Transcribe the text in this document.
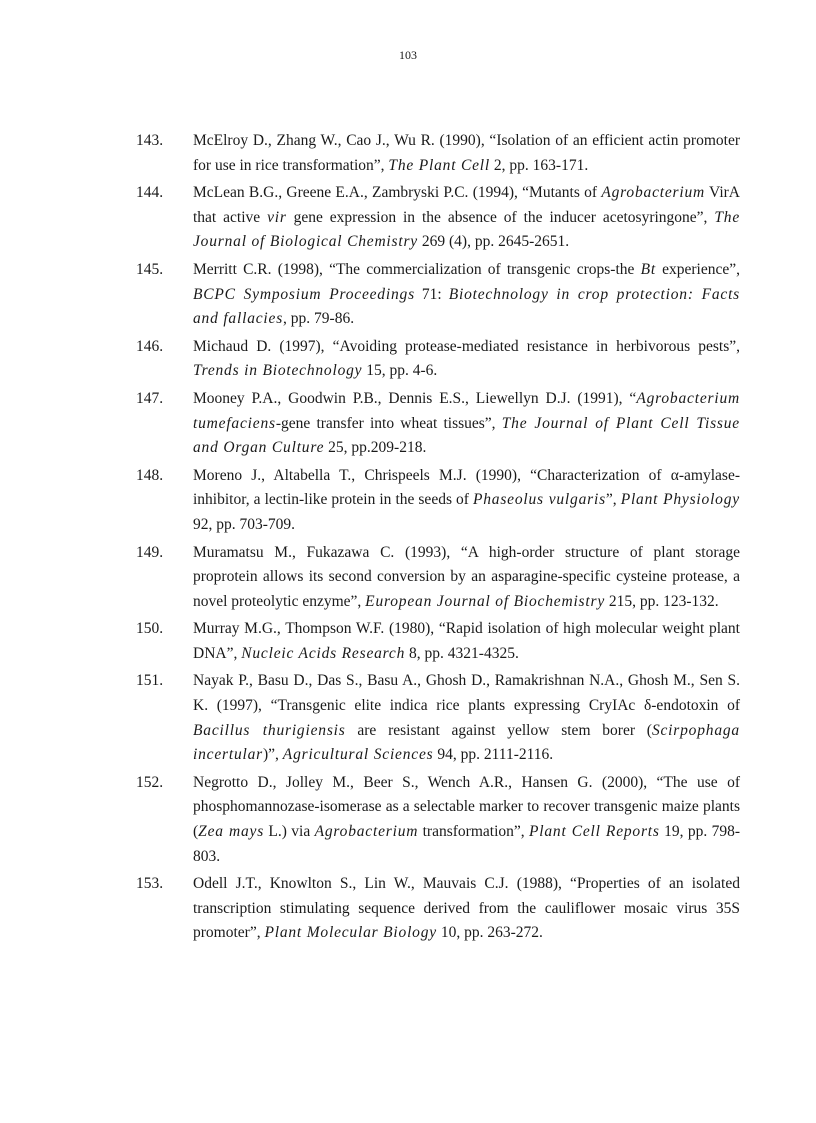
103
143 . McElroy D., Zhang W., Cao J., Wu R. (1990), “Isolation of an efficient actin promoter for use in rice transformation”, The Plant Cell 2, pp. 163-171.
144 . McLean B.G., Greene E.A., Zambryski P.C. (1994), “Mutants of Agrobacterium VirA that active vir gene expression in the absence of the inducer acetosyringone”, The Journal of Biological Chemistry 269 (4), pp. 2645-2651.
145 . Merritt C.R. (1998), “The commercialization of transgenic crops-the Bt experience”, BCPC Symposium Proceedings 71: Biotechnology in crop protection: Facts and fallacies, pp. 79-86.
146 . Michaud D. (1997), “Avoiding protease-mediated resistance in herbivorous pests”, Trends in Biotechnology 15, pp. 4-6.
147 . Mooney P.A., Goodwin P.B., Dennis E.S., Liewellyn D.J. (1991), “Agrobacterium tumefaciens-gene transfer into wheat tissues”, The Journal of Plant Cell Tissue and Organ Culture 25, pp.209-218.
148 . Moreno J., Altabella T., Chrispeels M.J. (1990), “Characterization of α-amylase- inhibitor, a lectin-like protein in the seeds of Phaseolus vulgaris”, Plant Physiology 92, pp. 703-709.
149 . Muramatsu M., Fukazawa C. (1993), “A high-order structure of plant storage proprotein allows its second conversion by an asparagine-specific cysteine protease, a novel proteolytic enzyme”, European Journal of Biochemistry 215, pp. 123-132.
150 . Murray M.G., Thompson W.F. (1980), “Rapid isolation of high molecular weight plant DNA”, Nucleic Acids Research 8, pp. 4321-4325.
151 . Nayak P., Basu D., Das S., Basu A., Ghosh D., Ramakrishnan N.A., Ghosh M., Sen S. K. (1997), “Transgenic elite indica rice plants expressing CryIAc δ-endotoxin of Bacillus thurigiensis are resistant against yellow stem borer (Scirpophaga incertular)”, Agricultural Sciences 94, pp. 2111-2116.
152 . Negrotto D., Jolley M., Beer S., Wench A.R., Hansen G. (2000), “The use of phosphomannozase-isomerase as a selectable marker to recover transgenic maize plants (Zea mays L.) via Agrobacterium transformation”, Plant Cell Reports 19, pp. 798-803.
153 . Odell J.T., Knowlton S., Lin W., Mauvais C.J. (1988), “Properties of an isolated transcription stimulating sequence derived from the cauliflower mosaic virus 35S promoter”, Plant Molecular Biology 10, pp. 263-272.
